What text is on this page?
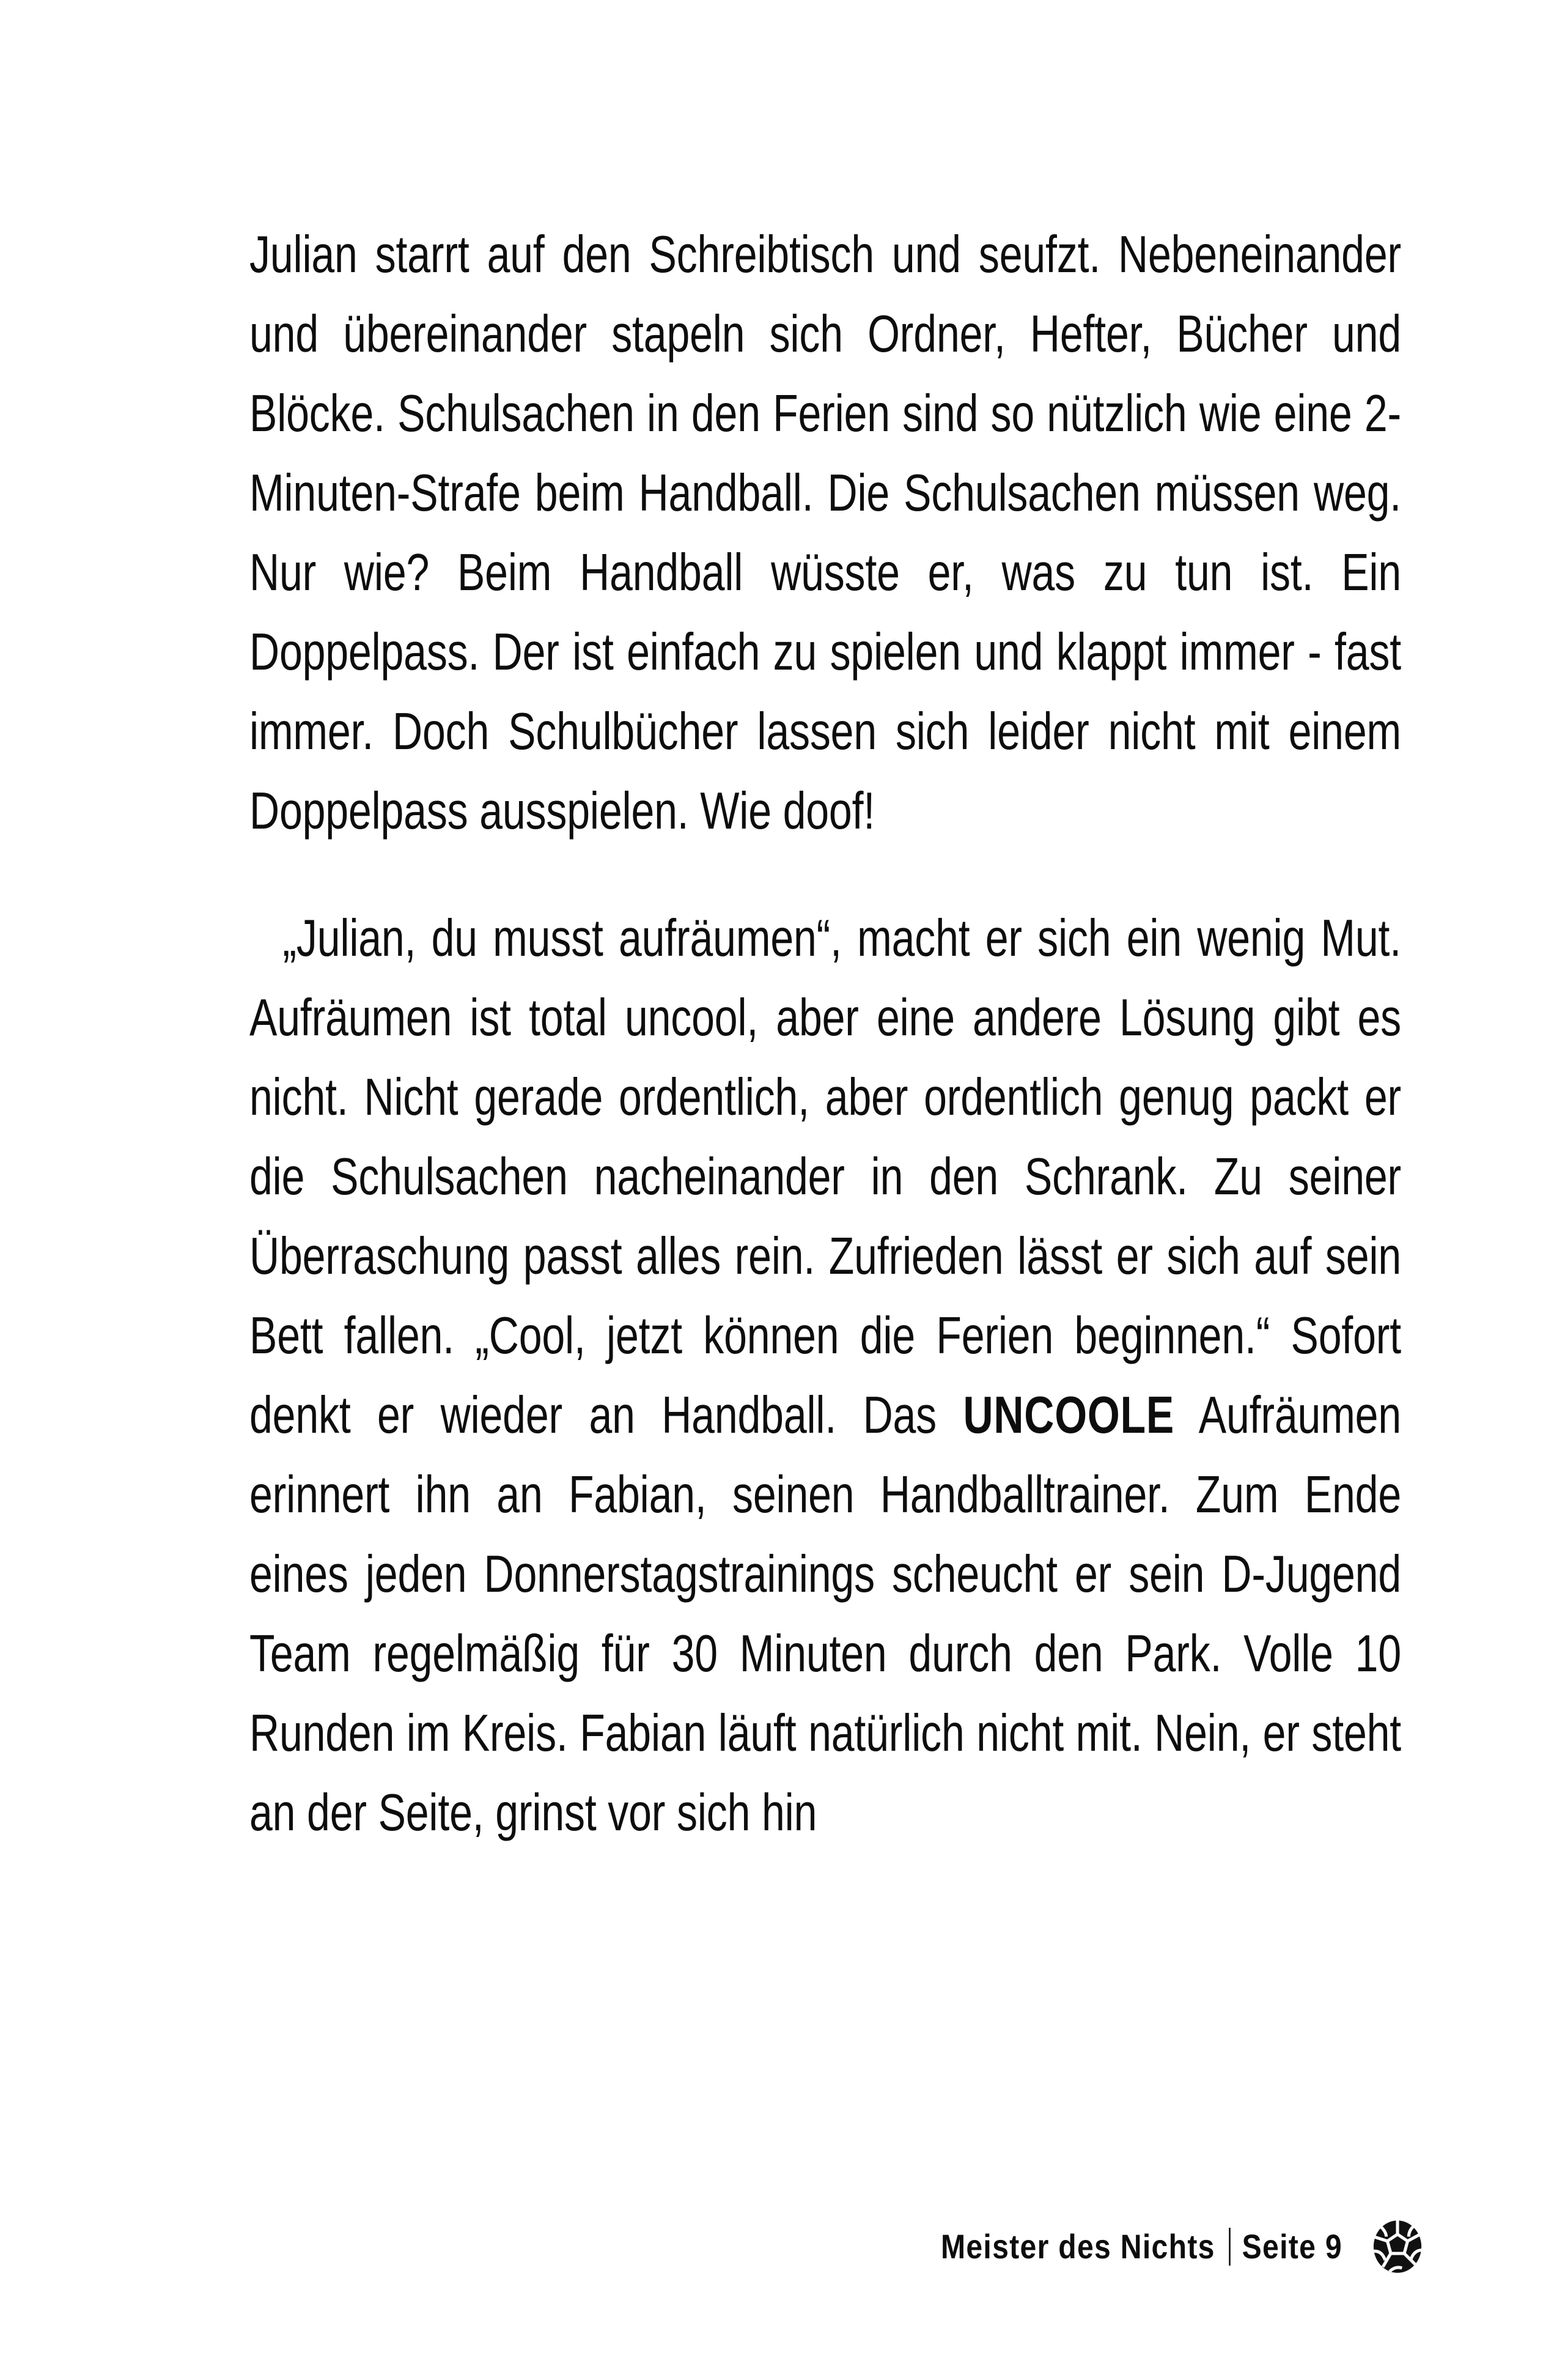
Julian starrt auf den Schreibtisch und seufzt. Nebeneinander und übereinander stapeln sich Ordner, Hefter, Bücher und Blöcke. Schulsachen in den Ferien sind so nützlich wie eine 2-Minuten-Strafe beim Handball. Die Schulsachen müssen weg. Nur wie? Beim Handball wüsste er, was zu tun ist. Ein Doppelpass. Der ist einfach zu spielen und klappt immer - fast immer. Doch Schulbücher lassen sich leider nicht mit einem Doppelpass ausspielen. Wie doof!

„Julian, du musst aufräumen“, macht er sich ein wenig Mut. Aufräumen ist total uncool, aber eine andere Lösung gibt es nicht. Nicht gerade ordentlich, aber ordentlich genug packt er die Schulsachen nacheinander in den Schrank. Zu seiner Überraschung passt alles rein. Zufrieden lässt er sich auf sein Bett fallen. „Cool, jetzt können die Ferien beginnen.“ Sofort denkt er wieder an Handball. Das UNCOOLE Aufräumen erinnert ihn an Fabian, seinen Handballtrainer. Zum Ende eines jeden Donnerstagstrainings scheucht er sein D-Jugend Team regelmäßig für 30 Minuten durch den Park. Volle 10 Runden im Kreis. Fabian läuft natürlich nicht mit. Nein, er steht an der Seite, grinst vor sich hin

Meister des Nichts Seite 9
